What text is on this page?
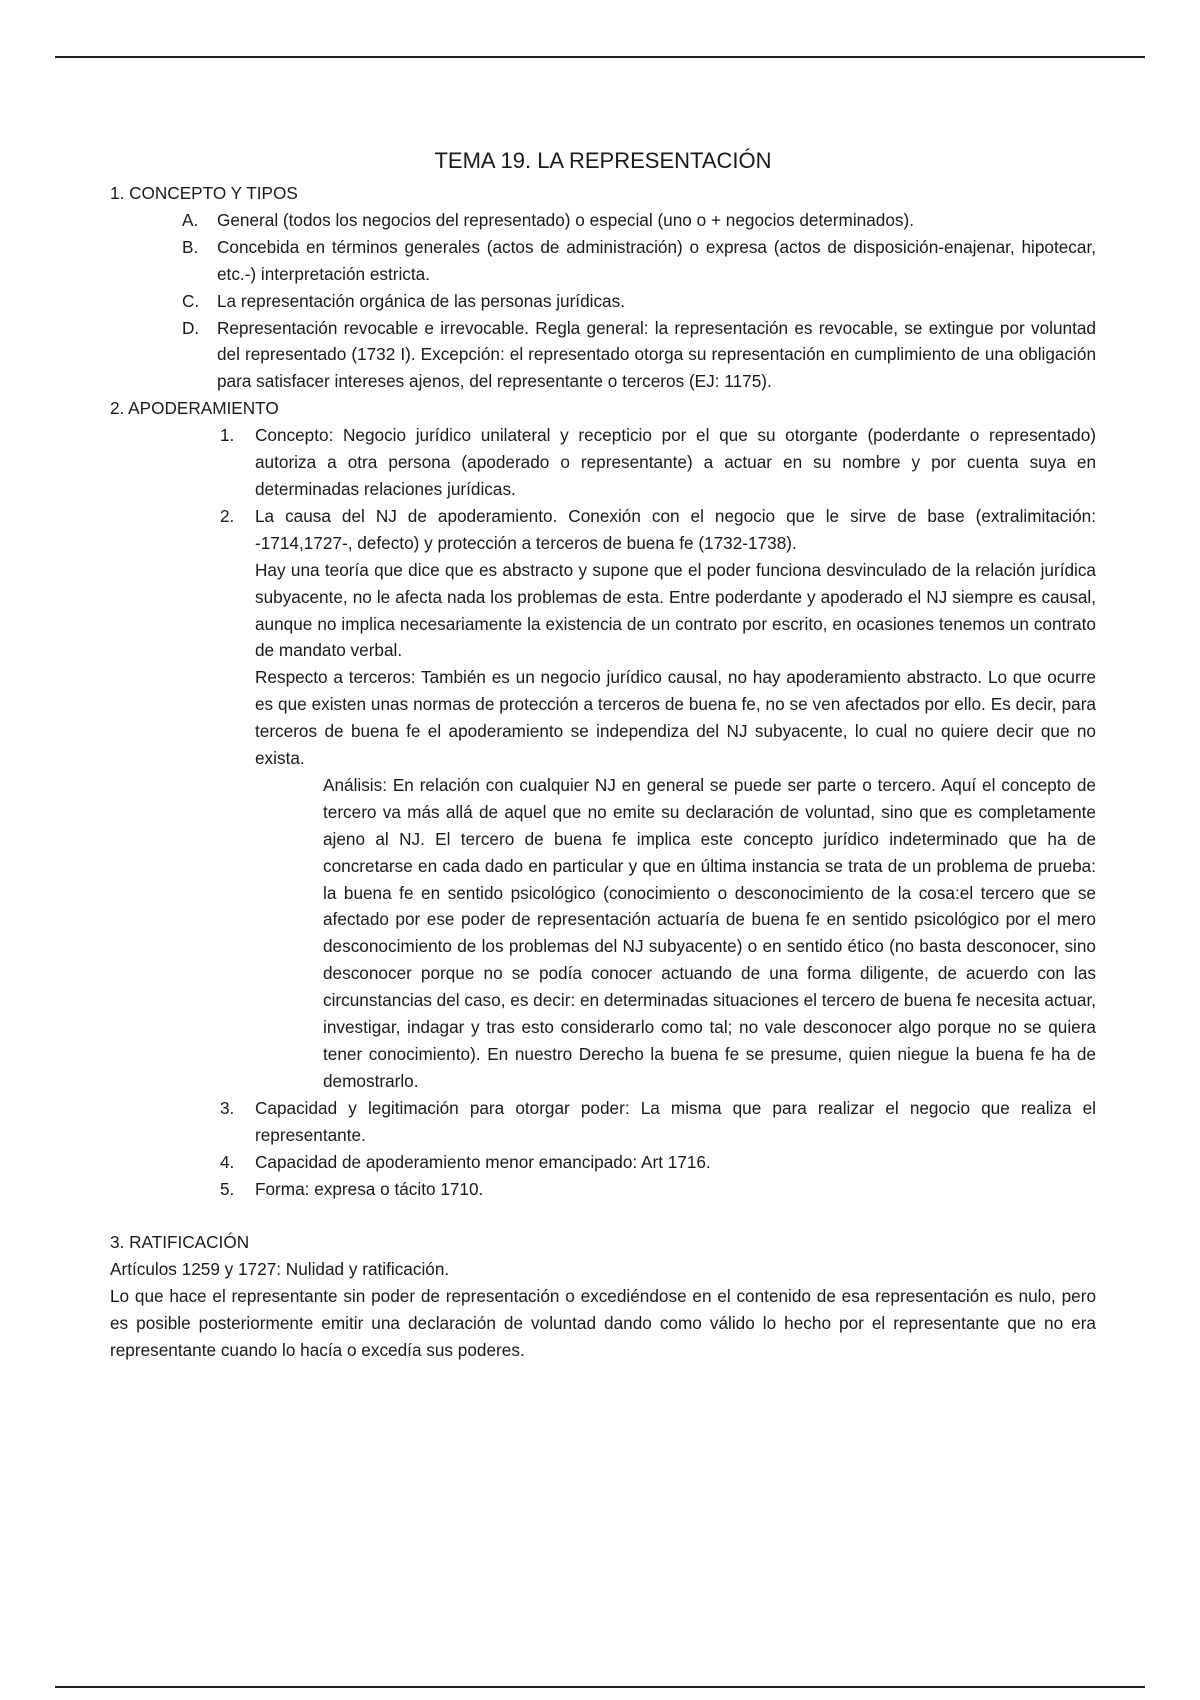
TEMA 19. LA REPRESENTACIÓN

1. CONCEPTO Y TIPOS

A. General (todos los negocios del representado) o especial (uno o + negocios determinados).
B. Concebida en términos generales (actos de administración) o expresa (actos de disposición-enajenar, hipotecar, etc.-) interpretación estricta.
C. La representación orgánica de las personas jurídicas.
D. Representación revocable e irrevocable. Regla general: la representación es revocable, se extingue por voluntad del representado (1732 I). Excepción: el representado otorga su representación en cumplimiento de una obligación para satisfacer intereses ajenos, del representante o terceros (EJ: 1175).

2. APODERAMIENTO

1. Concepto: Negocio jurídico unilateral y recepticio por el que su otorgante (poderdante o representado) autoriza a otra persona (apoderado o representante) a actuar en su nombre y por cuenta suya en determinadas relaciones jurídicas.
2. La causa del NJ de apoderamiento. Conexión con el negocio que le sirve de base (extralimitación: -1714,1727-, defecto) y protección a terceros de buena fe (1732-1738).

Hay una teoría que dice que es abstracto y supone que el poder funciona desvinculado de la relación jurídica subyacente, no le afecta nada los problemas de esta. Entre poderdante y apoderado el NJ siempre es causal, aunque no implica necesariamente la existencia de un contrato por escrito, en ocasiones tenemos un contrato de mandato verbal.

Respecto a terceros: También es un negocio jurídico causal, no hay apoderamiento abstracto. Lo que ocurre es que existen unas normas de protección a terceros de buena fe, no se ven afectados por ello. Es decir, para terceros de buena fe el apoderamiento se independiza del NJ subyacente, lo cual no quiere decir que no exista.

Análisis: En relación con cualquier NJ en general se puede ser parte o tercero. Aquí el concepto de tercero va más allá de aquel que no emite su declaración de voluntad, sino que es completamente ajeno al NJ. El tercero de buena fe implica este concepto jurídico indeterminado que ha de concretarse en cada dado en particular y que en última instancia se trata de un problema de prueba: la buena fe en sentido psicológico (conocimiento o desconocimiento de la cosa:el tercero que se afectado por ese poder de representación actuaría de buena fe en sentido psicológico por el mero desconocimiento de los problemas del NJ subyacente) o en sentido ético (no basta desconocer, sino desconocer porque no se podía conocer actuando de una forma diligente, de acuerdo con las circunstancias del caso, es decir: en determinadas situaciones el tercero de buena fe necesita actuar, investigar, indagar y tras esto considerarlo como tal; no vale desconocer algo porque no se quiera tener conocimiento). En nuestro Derecho la buena fe se presume, quien niegue la buena fe ha de demostrarlo.

3. Capacidad y legitimación para otorgar poder: La misma que para realizar el negocio que realiza el representante.
4. Capacidad de apoderamiento menor emancipado: Art 1716.
5. Forma: expresa o tácito 1710.

3. RATIFICACIÓN

Artículos 1259 y 1727: Nulidad y ratificación.

Lo que hace el representante sin poder de representación o excediéndose en el contenido de esa representación es nulo, pero es posible posteriormente emitir una declaración de voluntad dando como válido lo hecho por el representante que no era representante cuando lo hacía o excedía sus poderes.
